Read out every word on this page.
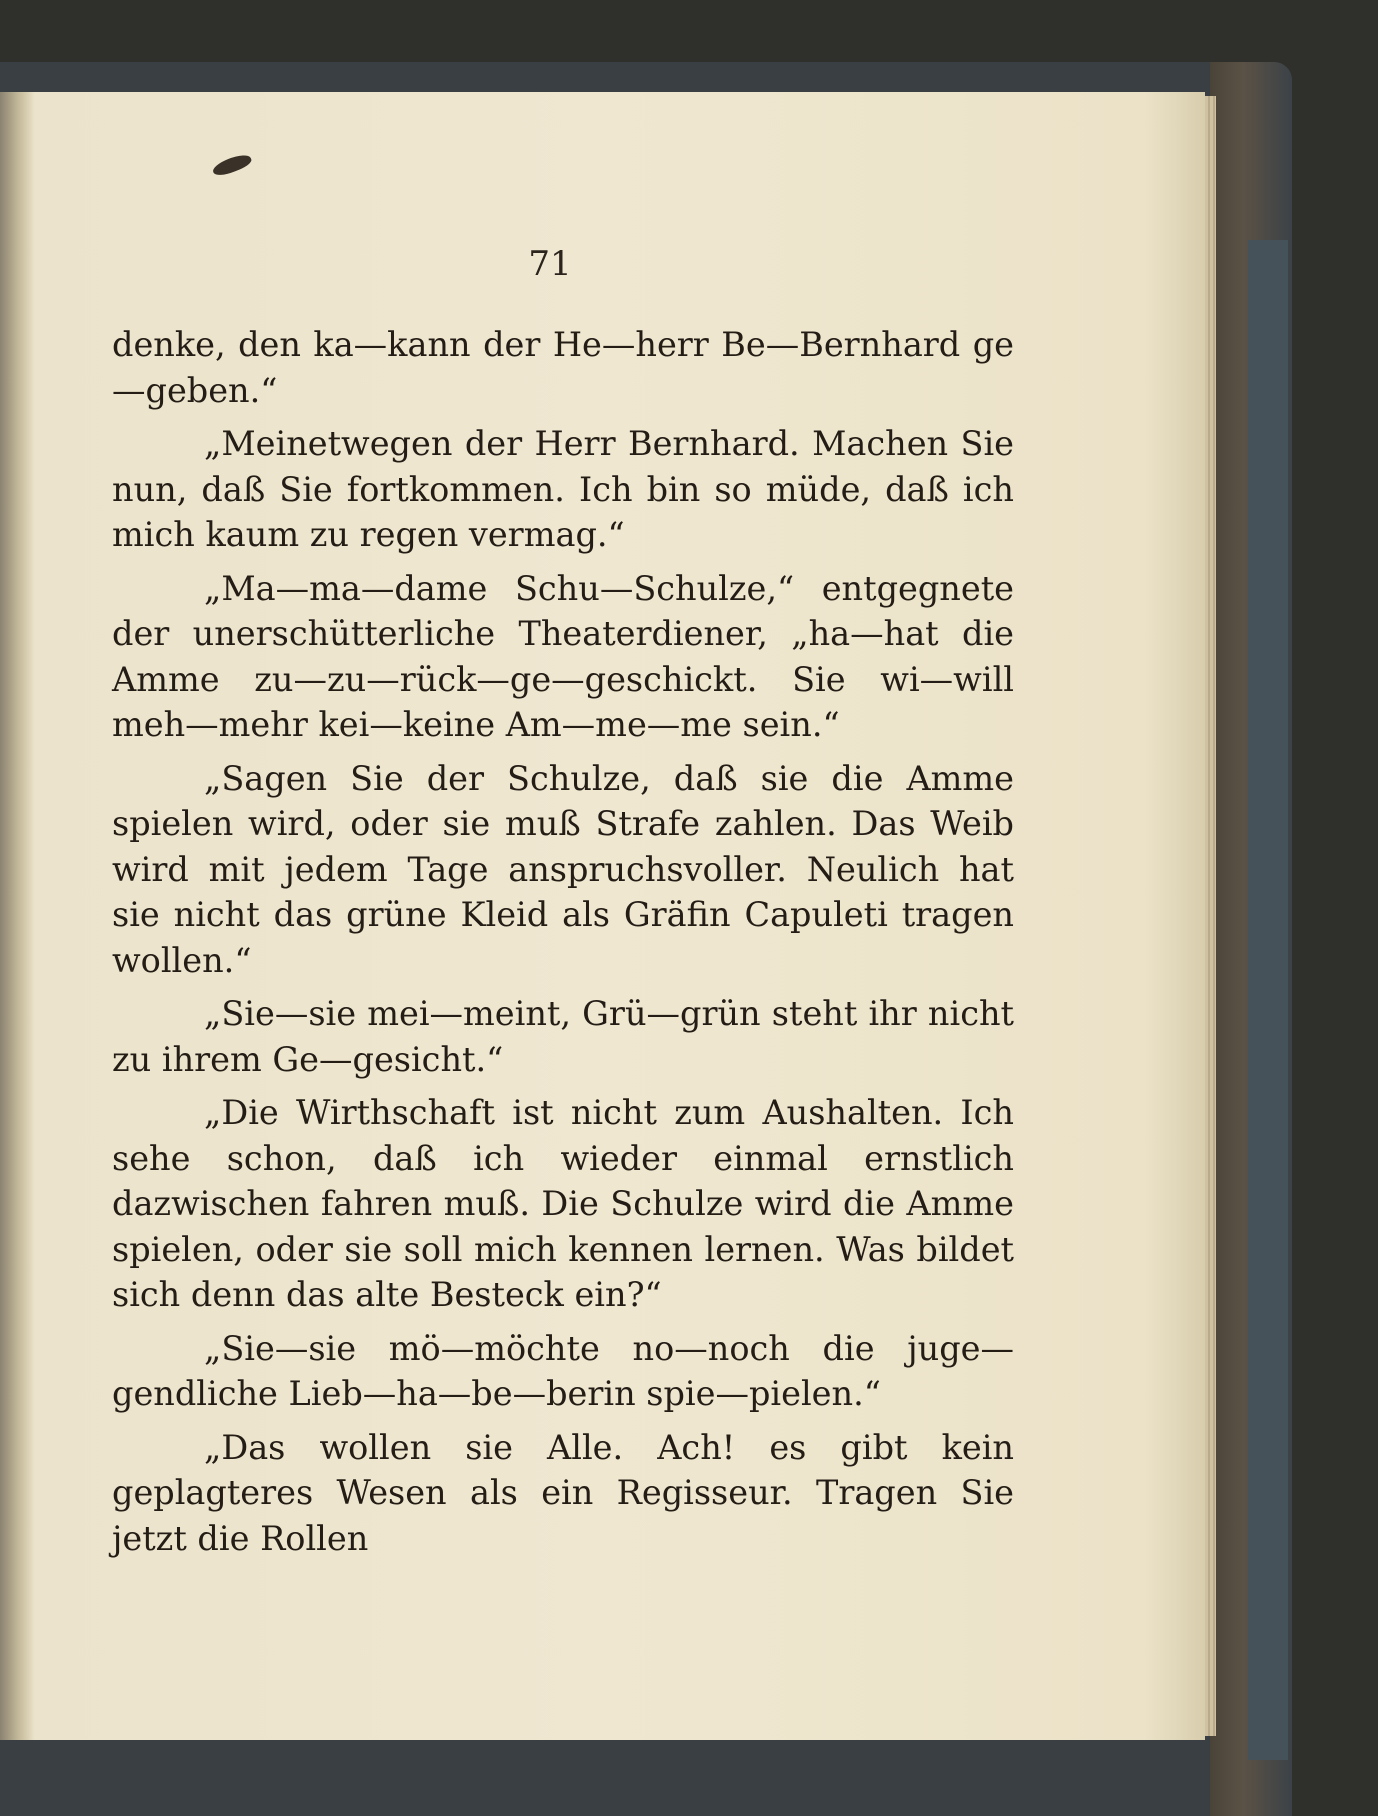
71

denke, den ka—kann der He—herr Be—Bernhard ge—geben.“

„Meinetwegen der Herr Bernhard. Machen Sie nun, daß Sie fortkommen. Ich bin so müde, daß ich mich kaum zu regen vermag.“

„Ma—ma—dame Schu—Schulze,“ entgegnete der unerschütterliche Theaterdiener, „ha—hat die Amme zu—zu—rück—ge—geschickt. Sie wi—will meh—mehr kei—keine Am—me—me sein.“

„Sagen Sie der Schulze, daß sie die Amme spielen wird, oder sie muß Strafe zahlen. Das Weib wird mit jedem Tage anspruchsvoller. Neulich hat sie nicht das grüne Kleid als Gräfin Capuleti tragen wollen.“

„Sie—sie mei—meint, Grü—grün steht ihr nicht zu ihrem Ge—gesicht.“

„Die Wirthschaft ist nicht zum Aushalten. Ich sehe schon, daß ich wieder einmal ernstlich dazwischen fahren muß. Die Schulze wird die Amme spielen, oder sie soll mich kennen lernen. Was bildet sich denn das alte Besteck ein?“

„Sie—sie mö—möchte no—noch die juge—gendliche Lieb—ha—be—berin spie—pielen.“

„Das wollen sie Alle. Ach! es gibt kein geplagteres Wesen als ein Regisseur. Tragen Sie jetzt die Rollen
